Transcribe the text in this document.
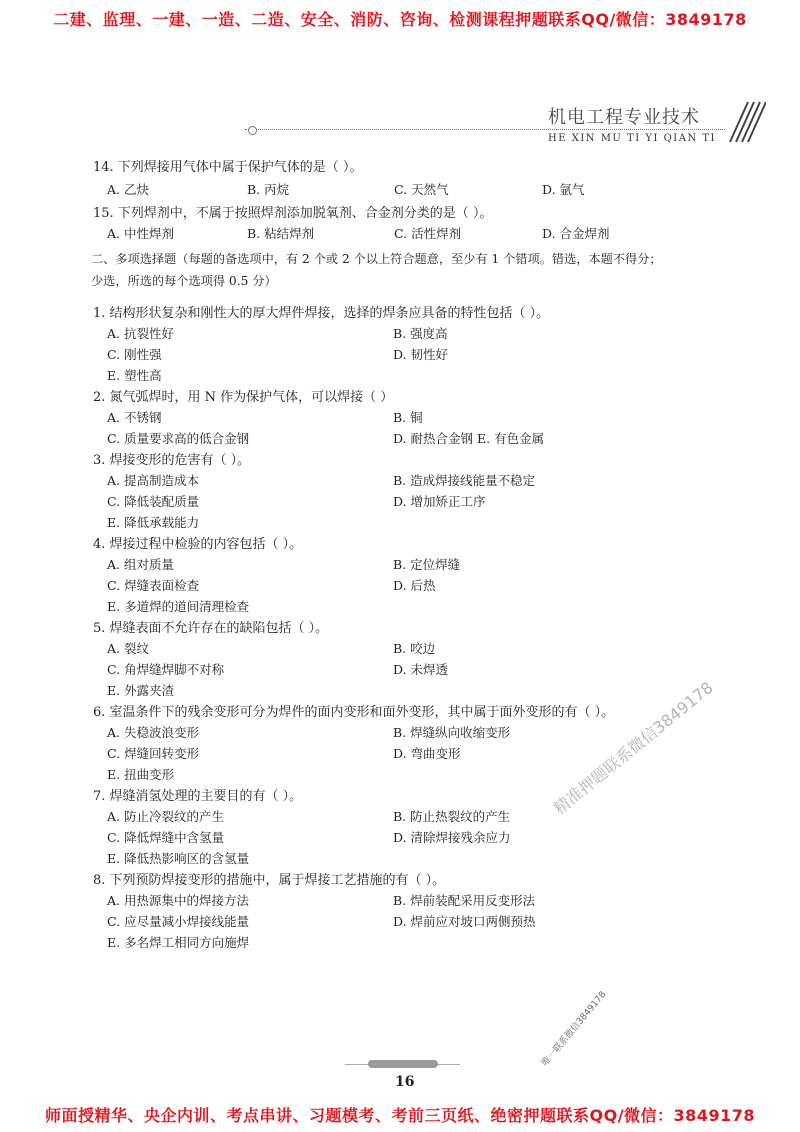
二建、监理、一建、一造、二造、安全、消防、咨询、检测课程押题联系QQ/微信：3849178
机电工程专业技术
HE XIN MU TI YI QIAN TI
14. 下列焊接用气体中属于保护气体的是（ ）。
A. 乙炔	B. 丙烷	C. 天然气	D. 氩气
15. 下列焊剂中，不属于按照焊剂添加脱氧剂、合金剂分类的是（ ）。
A. 中性焊剂	B. 粘结焊剂	C. 活性焊剂	D. 合金焊剂
二、多项选择题（每题的备选项中，有 2 个或 2 个以上符合题意，至少有 1 个错项。错选，本题不得分；
少选，所选的每个选项得 0.5 分）
1. 结构形状复杂和刚性大的厚大焊件焊接，选择的焊条应具备的特性包括（ ）。
A. 抗裂性好	B. 强度高
C. 刚性强	D. 韧性好
E. 塑性高
2. 氮气弧焊时，用 N 作为保护气体，可以焊接（ ）
A. 不锈钢	B. 铜
C. 质量要求高的低合金钢	D. 耐热合金钢 E. 有色金属
3. 焊接变形的危害有（ ）。
A. 提高制造成本	B. 造成焊接线能量不稳定
C. 降低装配质量	D. 增加矫正工序
E. 降低承载能力
4. 焊接过程中检验的内容包括（ ）。
A. 组对质量	B. 定位焊缝
C. 焊缝表面检查	D. 后热
E. 多道焊的道间清理检查
5. 焊缝表面不允许存在的缺陷包括（ ）。
A. 裂纹	B. 咬边
C. 角焊缝焊脚不对称	D. 未焊透
E. 外露夹渣
6. 室温条件下的残余变形可分为焊件的面内变形和面外变形，其中属于面外变形的有（ ）。
A. 失稳波浪变形	B. 焊缝纵向收缩变形
C. 焊缝回转变形	D. 弯曲变形
E. 扭曲变形
7. 焊缝消氢处理的主要目的有（ ）。
A. 防止冷裂纹的产生	B. 防止热裂纹的产生
C. 降低焊缝中含氢量	D. 清除焊接残余应力
E. 降低热影响区的含氢量
8. 下列预防焊接变形的措施中，属于焊接工艺措施的有（ ）。
A. 用热源集中的焊接方法	B. 焊前装配采用反变形法
C. 应尽量减小焊接线能量	D. 焊前应对坡口两侧预热
E. 多名焊工相同方向施焊
精准押题联系微信3849178
唯一联系微信3849178
16
师面授精华、央企内训、考点串讲、习题模考、考前三页纸、绝密押题联系QQ/微信：3849178
